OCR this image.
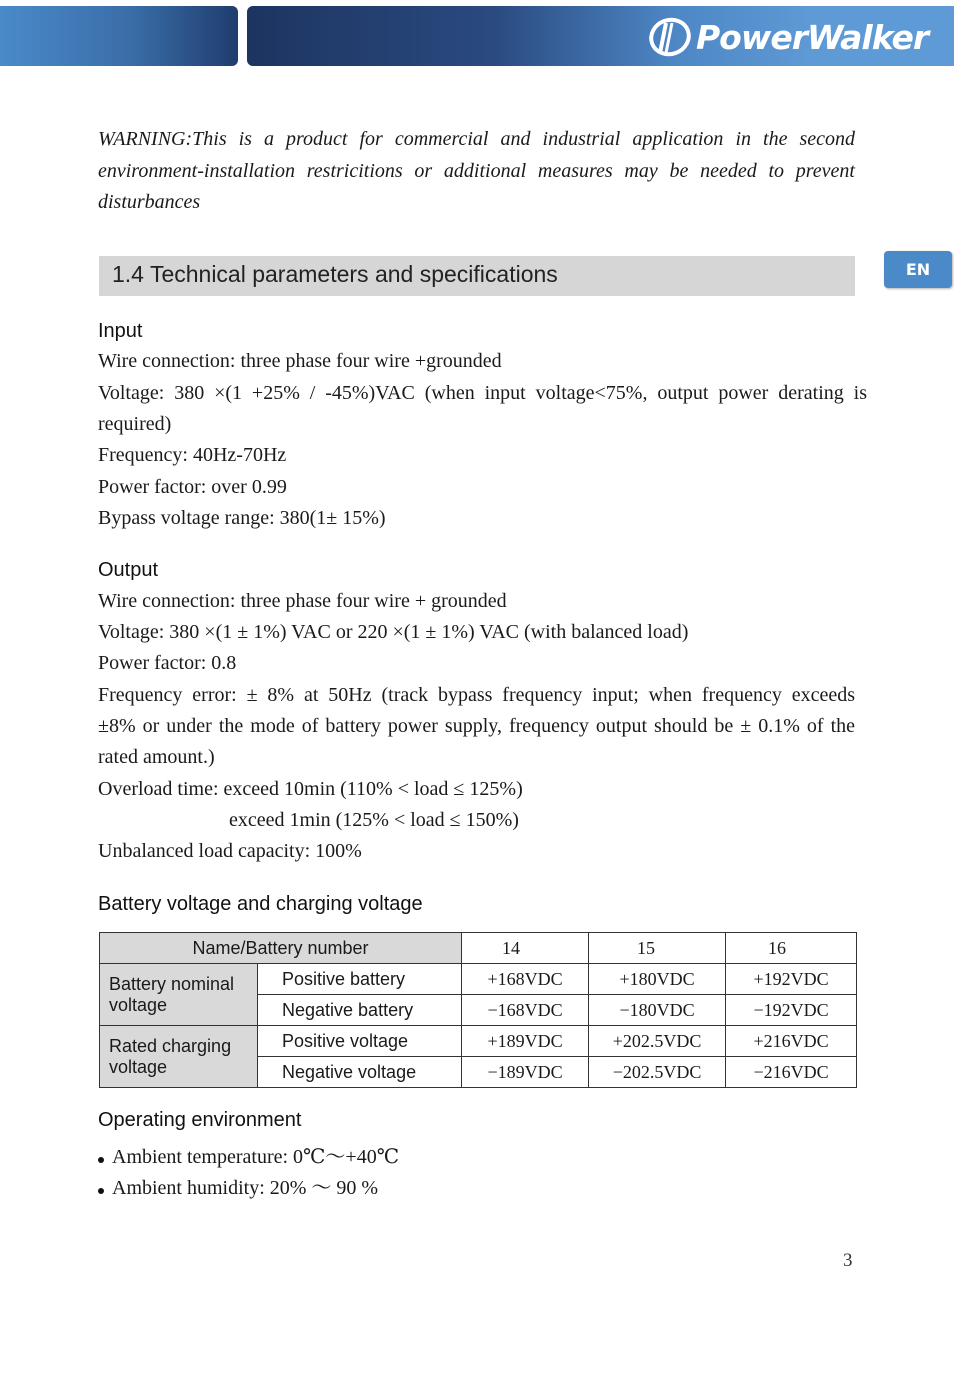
PowerWalker
EN
WARNING:This is a product for commercial and industrial application in the second
environment-installation restricitions or additional measures may be needed to prevent
disturbances
1.4 Technical parameters and specifications
Input
Wire connection: three phase four wire +grounded
Voltage: 380 ×(1 +25% / -45%)VAC (when input voltage<75%, output power derating is
required)
Frequency: 40Hz-70Hz
Power factor: over 0.99
Bypass voltage range: 380(1± 15%)
Output
Wire connection: three phase four wire + grounded
Voltage: 380 ×(1 ± 1%) VAC or 220 ×(1 ± 1%) VAC (with balanced load)
Power factor: 0.8
Frequency error: ± 8% at 50Hz (track bypass frequency input; when frequency exceeds
±8% or under the mode of battery power supply, frequency output should be ± 0.1% of the
rated amount.)
Overload time: exceed 10min (110% < load ≤ 125%)
exceed 1min (125% < load ≤ 150%)
Unbalanced load capacity: 100%
Battery voltage and charging voltage
Name/Battery number		14	15	16
Battery nominal voltage	Positive battery	+168VDC	+180VDC	+192VDC
	Negative battery	−168VDC	−180VDC	−192VDC
Rated charging voltage	Positive voltage	+189VDC	+202.5VDC	+216VDC
	Negative voltage	−189VDC	−202.5VDC	−216VDC
Operating environment
Ambient temperature: 0℃～+40℃
Ambient humidity: 20% ～ 90 %
3
